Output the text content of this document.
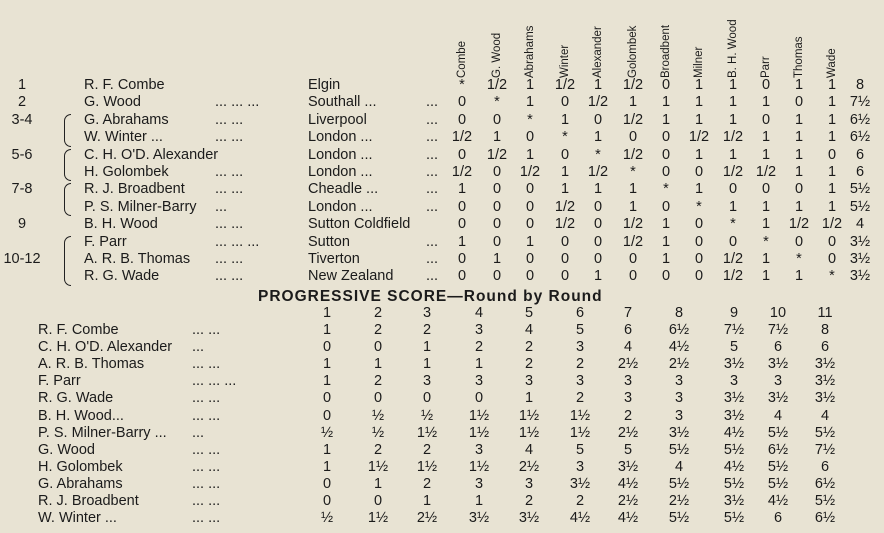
Combe G. Wood Abrahams Winter Alexander Golombek Broadbent Milner B. H. Wood Parr Thomas Wade
1	R. F. Combe	Elgin	* 1/2 1 1/2 1 1/2 0 1 1 0 1 1 8
2	G. Wood	... ... ...	Southall ...	... 0 * 1 0 1/2 1 1 1 1 1 0 1 7½
3-4	G. Abrahams	... ...	Liverpool	... 0 0 * 1 0 1/2 1 1 1 0 1 1 6½
W. Winter ...	... ...	London ...	... 1/2 1 0 * 1 0 0 1/2 1/2 1 1 1 6½
5-6	C. H. O'D. Alexander	London ...	... 0 1/2 1 0 * 1/2 0 1 1 1 1 0 6
H. Golombek	... ...	London ...	... 1/2 0 1/2 1 1/2 * 0 0 1/2 1/2 1 1 6
7-8	R. J. Broadbent ... ...	Cheadle ...	... 1 0 0 1 1 1 * 1 0 0 0 1 5½
P. S. Milner-Barry ...	London ...	... 0 0 0 1/2 0 1 0 * 1 1 1 1 5½
9	B. H. Wood	... ...	Sutton Coldfield	0 0 0 1/2 0 1/2 1 0 * 1 1/2 1/2 4
F. Parr	... ... ...	Sutton	... 1 0 1 0 0 1/2 1 0 0 * 0 0 3½
10-12	A. R. B. Thomas ... ...	Tiverton	... 0 1 0 0 0 0 1 0 1/2 1 * 0 3½
R. G. Wade	... ...	New Zealand ... 0 0 0 0 1 0 0 0 1/2 1 1 * 3½
PROGRESSIVE SCORE—Round by Round
1	2	3	4	5	6	7	8	9 10 11
R. F. Combe	... ...	1	2	2	3	4	5	6	6½ 7½ 7½ 8
C. H. O'D. Alexander ...	0	0	1	2	2	3	4	4½	5 6	6
A. R. B. Thomas	... ...	1	1	1	1	2	2 2½ 2½ 3½ 3½ 3½
F. Parr	... ... ...	1	2	3	3	3	3	3	3	3 3 3½
R. G. Wade	... ...	0	0	0	0	1	2	3	3	3½ 3½ 3½
B. H. Wood...	... ...	0	½	½ 1½ 1½ 1½ 2	3	3½ 4	4
P. S. Milner-Barry ... ...	½	½ 1½ 1½ 1½ 1½ 2½ 3½ 4½ 5½ 5½
G. Wood	... ...	1	2	2	3	4	5	5	5½ 5½ 6½ 7½
H. Golombek	... ...	1	1½ 1½ 1½ 2½	3 3½	4	4½ 5½ 6
G. Abrahams	... ...	0	1	2	3	3	3½ 4½ 5½ 5½ 5½ 6½
R. J. Broadbent	... ...	0	0	1	1	2	2 2½ 2½ 3½ 4½ 5½
W. Winter ...	... ...	½ 1½ 2½ 3½ 3½ 4½ 4½ 5½ 5½ 6 6½
